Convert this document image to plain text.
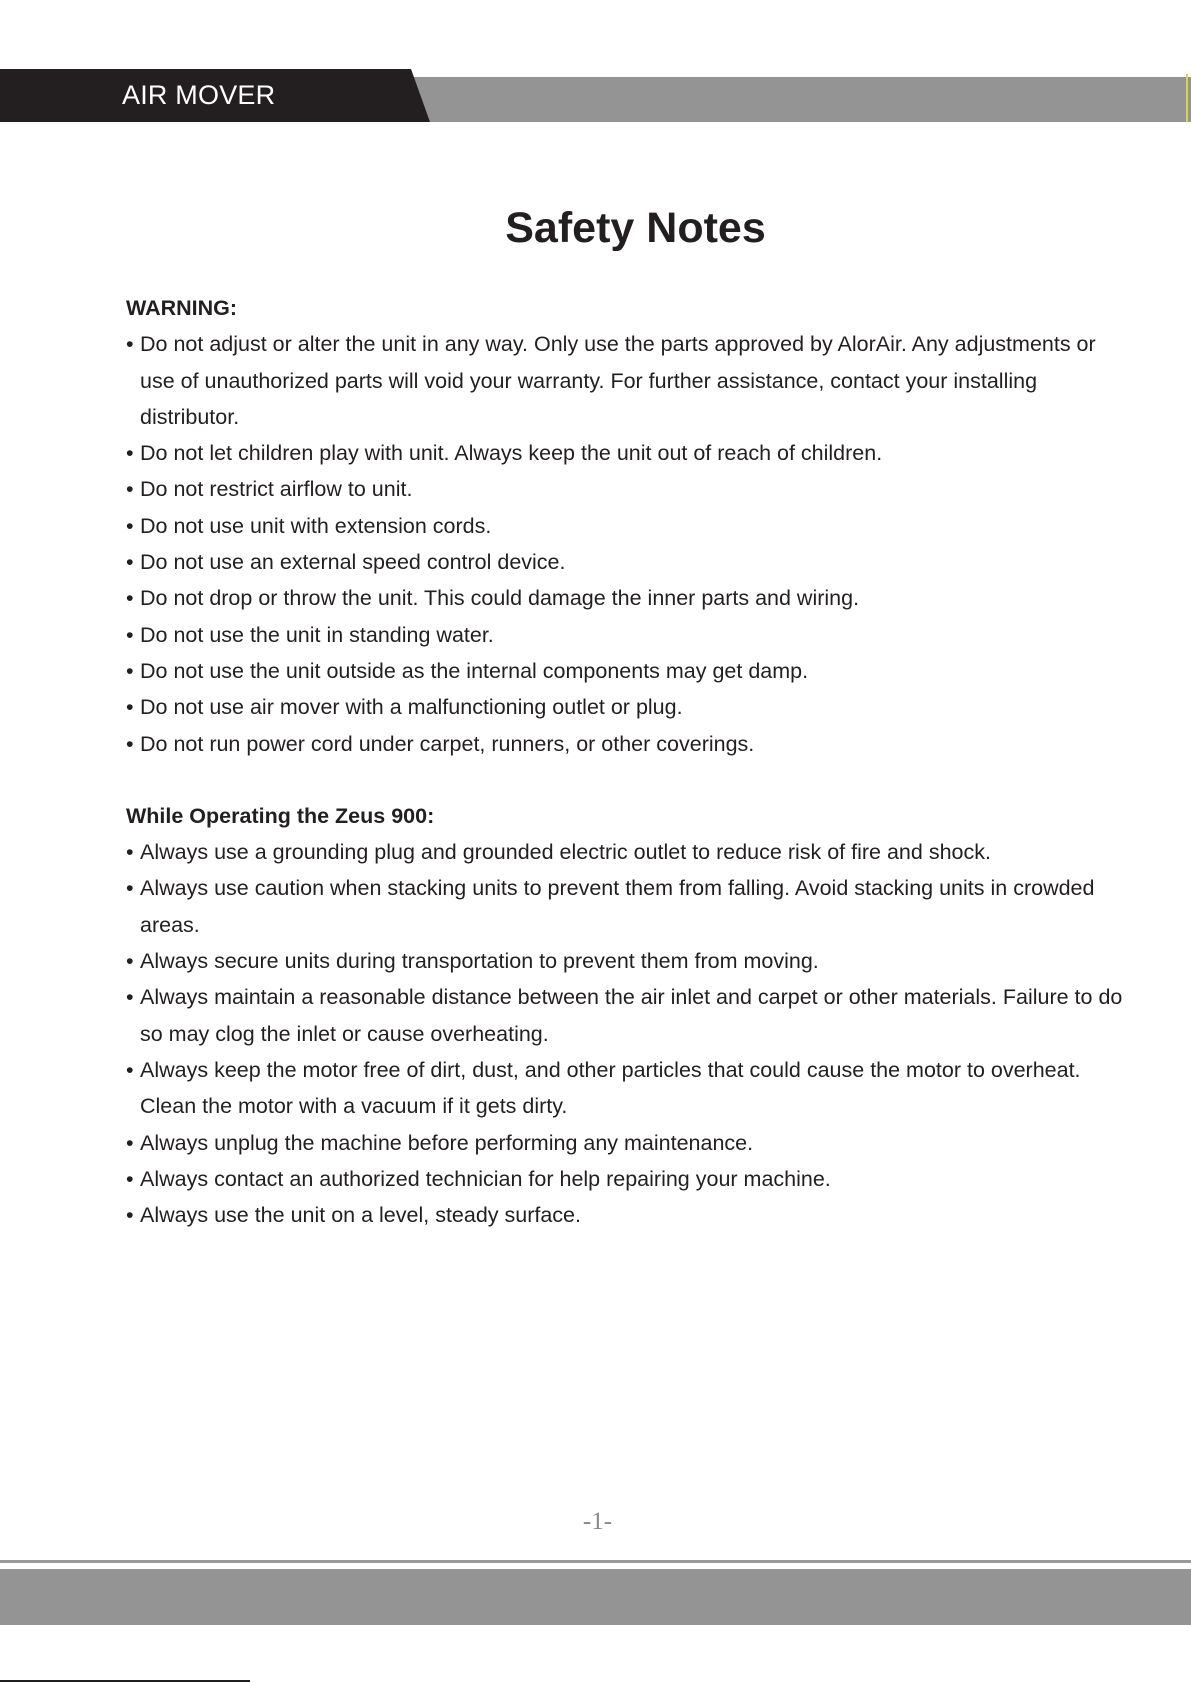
AIR MOVER
Safety Notes

WARNING:

• Do not adjust or alter the unit in any way. Only use the parts approved by AlorAir. Any adjustments or use of unauthorized parts will void your warranty. For further assistance, contact your installing distributor.
• Do not let children play with unit. Always keep the unit out of reach of children.
• Do not restrict airflow to unit.
• Do not use unit with extension cords.
• Do not use an external speed control device.
• Do not drop or throw the unit. This could damage the inner parts and wiring.
• Do not use the unit in standing water.
• Do not use the unit outside as the internal components may get damp.
• Do not use air mover with a malfunctioning outlet or plug.
• Do not run power cord under carpet, runners, or other coverings.

While Operating the Zeus 900:

• Always use a grounding plug and grounded electric outlet to reduce risk of fire and shock.
• Always use caution when stacking units to prevent them from falling. Avoid stacking units in crowded areas.
• Always secure units during transportation to prevent them from moving.
• Always maintain a reasonable distance between the air inlet and carpet or other materials. Failure to do so may clog the inlet or cause overheating.
• Always keep the motor free of dirt, dust, and other particles that could cause the motor to overheat. Clean the motor with a vacuum if it gets dirty.
• Always unplug the machine before performing any maintenance.
• Always contact an authorized technician for help repairing your machine.
• Always use the unit on a level, steady surface.
-1-
